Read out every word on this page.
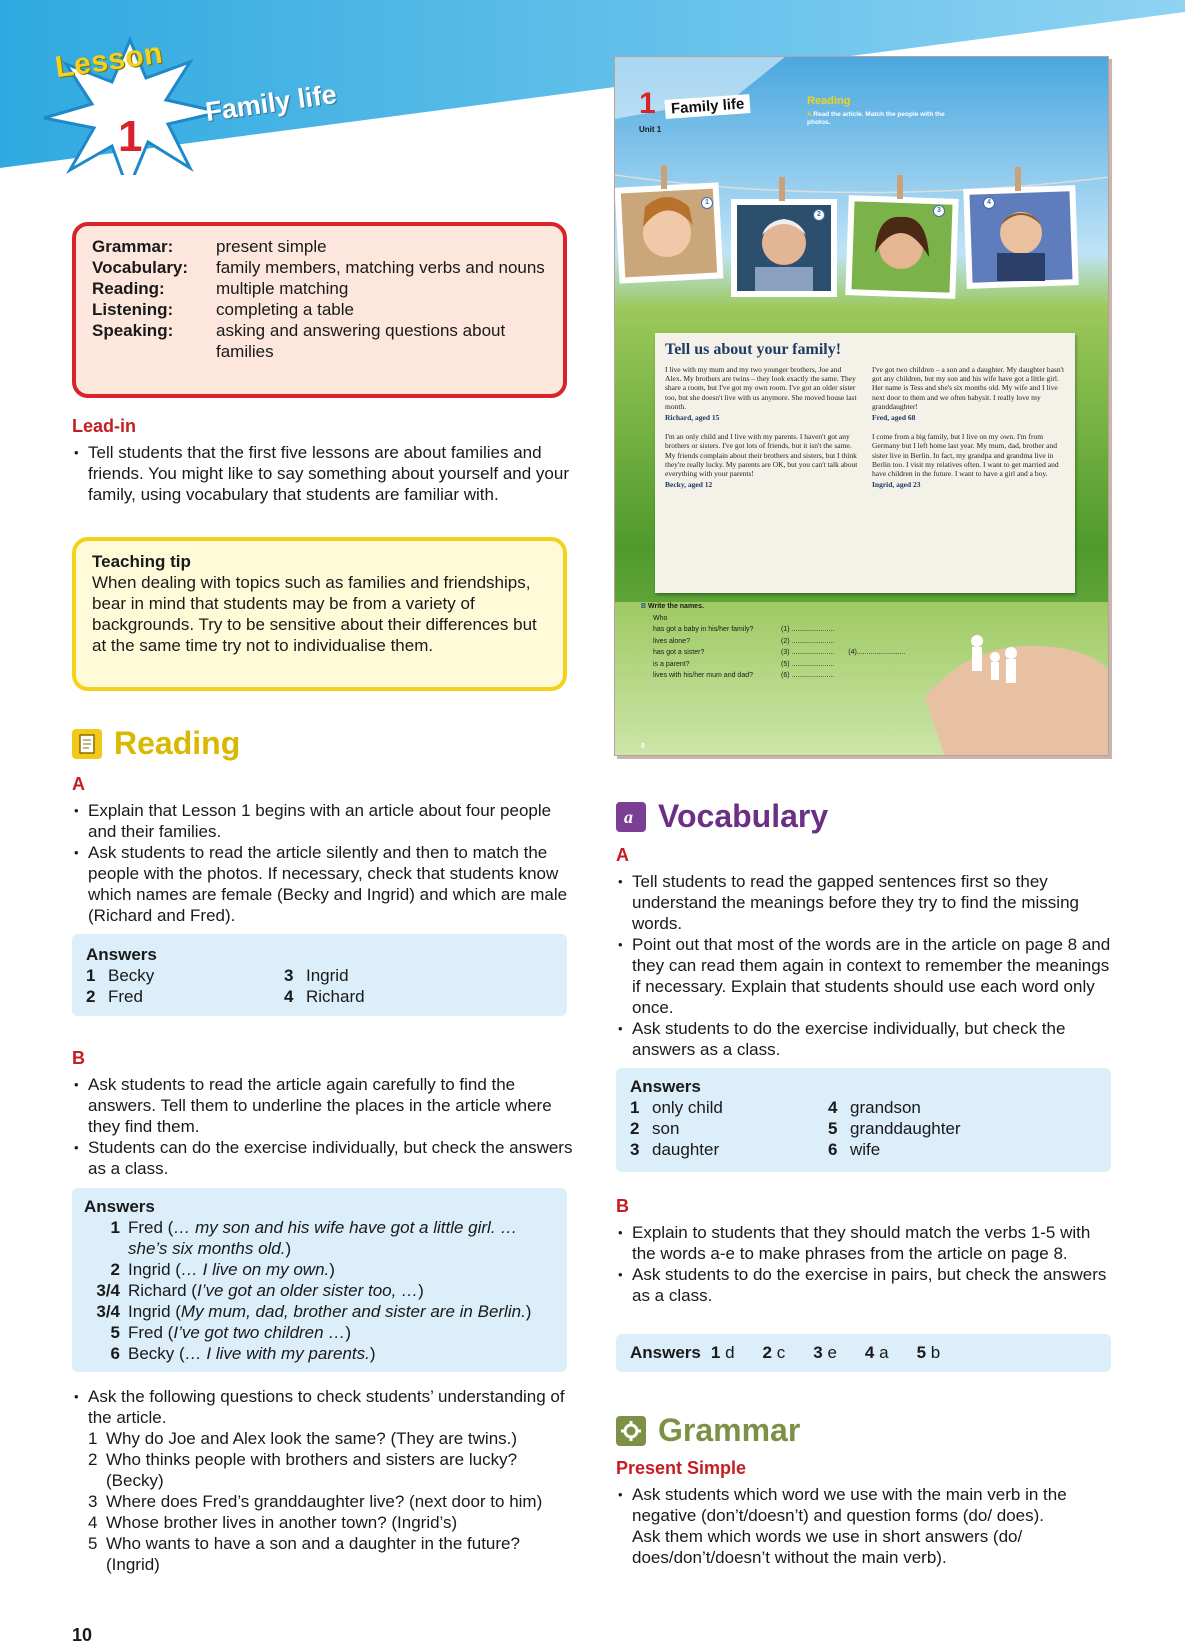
Lesson
1
Family life
Grammar:	present simple
Vocabulary:	family members, matching verbs and nouns
Reading:	multiple matching
Listening:	completing a table
Speaking:	asking and answering questions about families
Lead-in
• Tell students that the first five lessons are about families and friends. You might like to say something about yourself and your family, using vocabulary that students are familiar with.
Teaching tip
When dealing with topics such as families and friendships, bear in mind that students may be from a variety of backgrounds. Try to be sensitive about their differences but at the same time try not to individualise them.
Reading
A
• Explain that Lesson 1 begins with an article about four people and their families.
• Ask students to read the article silently and then to match the people with the photos. If necessary, check that students know which names are female (Becky and Ingrid) and which are male (Richard and Fred).
Answers
1 Becky	3 Ingrid
2 Fred	4 Richard
B
• Ask students to read the article again carefully to find the answers. Tell them to underline the places in the article where they find them.
• Students can do the exercise individually, but check the answers as a class.
Answers
1 Fred (… my son and his wife have got a little girl. … she’s six months old.)
2 Ingrid (… I live on my own.)
3/4 Richard (I’ve got an older sister too, …)
3/4 Ingrid (My mum, dad, brother and sister are in Berlin.)
5 Fred (I’ve got two children …)
6 Becky (… I live with my parents.)
• Ask the following questions to check students’ understanding of the article.
1 Why do Joe and Alex look the same? (They are twins.)
2 Who thinks people with brothers and sisters are lucky? (Becky)
3 Where does Fred’s granddaughter live? (next door to him)
4 Whose brother lives in another town? (Ingrid’s)
5 Who wants to have a son and a daughter in the future? (Ingrid)
10
1
Unit 1
Family life	Reading
A Read the article. Match the people with the photos.
1
2
3
4
Tell us about your family!

I live with my mum and my two younger brothers, Joe and Alex. My brothers are twins – they look exactly the same. They share a room, but I've got my own room. I've got an older sister too, but she doesn't live with us anymore. She moved house last month.
Richard, aged 15

I've got two children – a son and a daughter. My daughter hasn't got any children, but my son and his wife have got a little girl. Her name is Tess and she's six months old. My wife and I live next door to them and we often babysit. I really love my granddaughter!
Fred, aged 68

I'm an only child and I live with my parents. I haven't got any brothers or sisters. I've got lots of friends, but it isn't the same. My friends complain about their brothers and sisters, but I think they're really lucky. My parents are OK, but you can't talk about everything with your parents!
Becky, aged 12

I come from a big family, but I live on my own. I'm from Germany but I left home last year. My mum, dad, brother and sister live in Berlin. In fact, my grandpa and grandma live in Berlin too. I visit my relatives often. I want to get married and have children in the future. I want to have a girl and a boy.
Ingrid, aged 23

B Write the names.
Who
has got a baby in his/her family?	(1) ......................
lives alone?	(2) ......................
has got a sister?	(3) ...................... (4).........................
is a parent?	(5) ......................
lives with his/her mum and dad?	(6) ......................
8
a Vocabulary
A
• Tell students to read the gapped sentences first so they understand the meanings before they try to find the missing words.
• Point out that most of the words are in the article on page 8 and they can read them again in context to remember the meanings if necessary. Explain that students should use each word only once.
• Ask students to do the exercise individually, but check the answers as a class.
Answers
1 only child	4 grandson
2 son	5 granddaughter
3 daughter	6 wife
B
• Explain to students that they should match the verbs 1-5 with the words a-e to make phrases from the article on page 8.
• Ask students to do the exercise in pairs, but check the answers as a class.
Answers 1 d 2 c 3 e 4 a 5 b
Grammar
Present Simple
• Ask students which word we use with the main verb in the negative (don’t/doesn’t) and question forms (do/ does).
Ask them which words we use in short answers (do/ does/don’t/doesn’t without the main verb).
